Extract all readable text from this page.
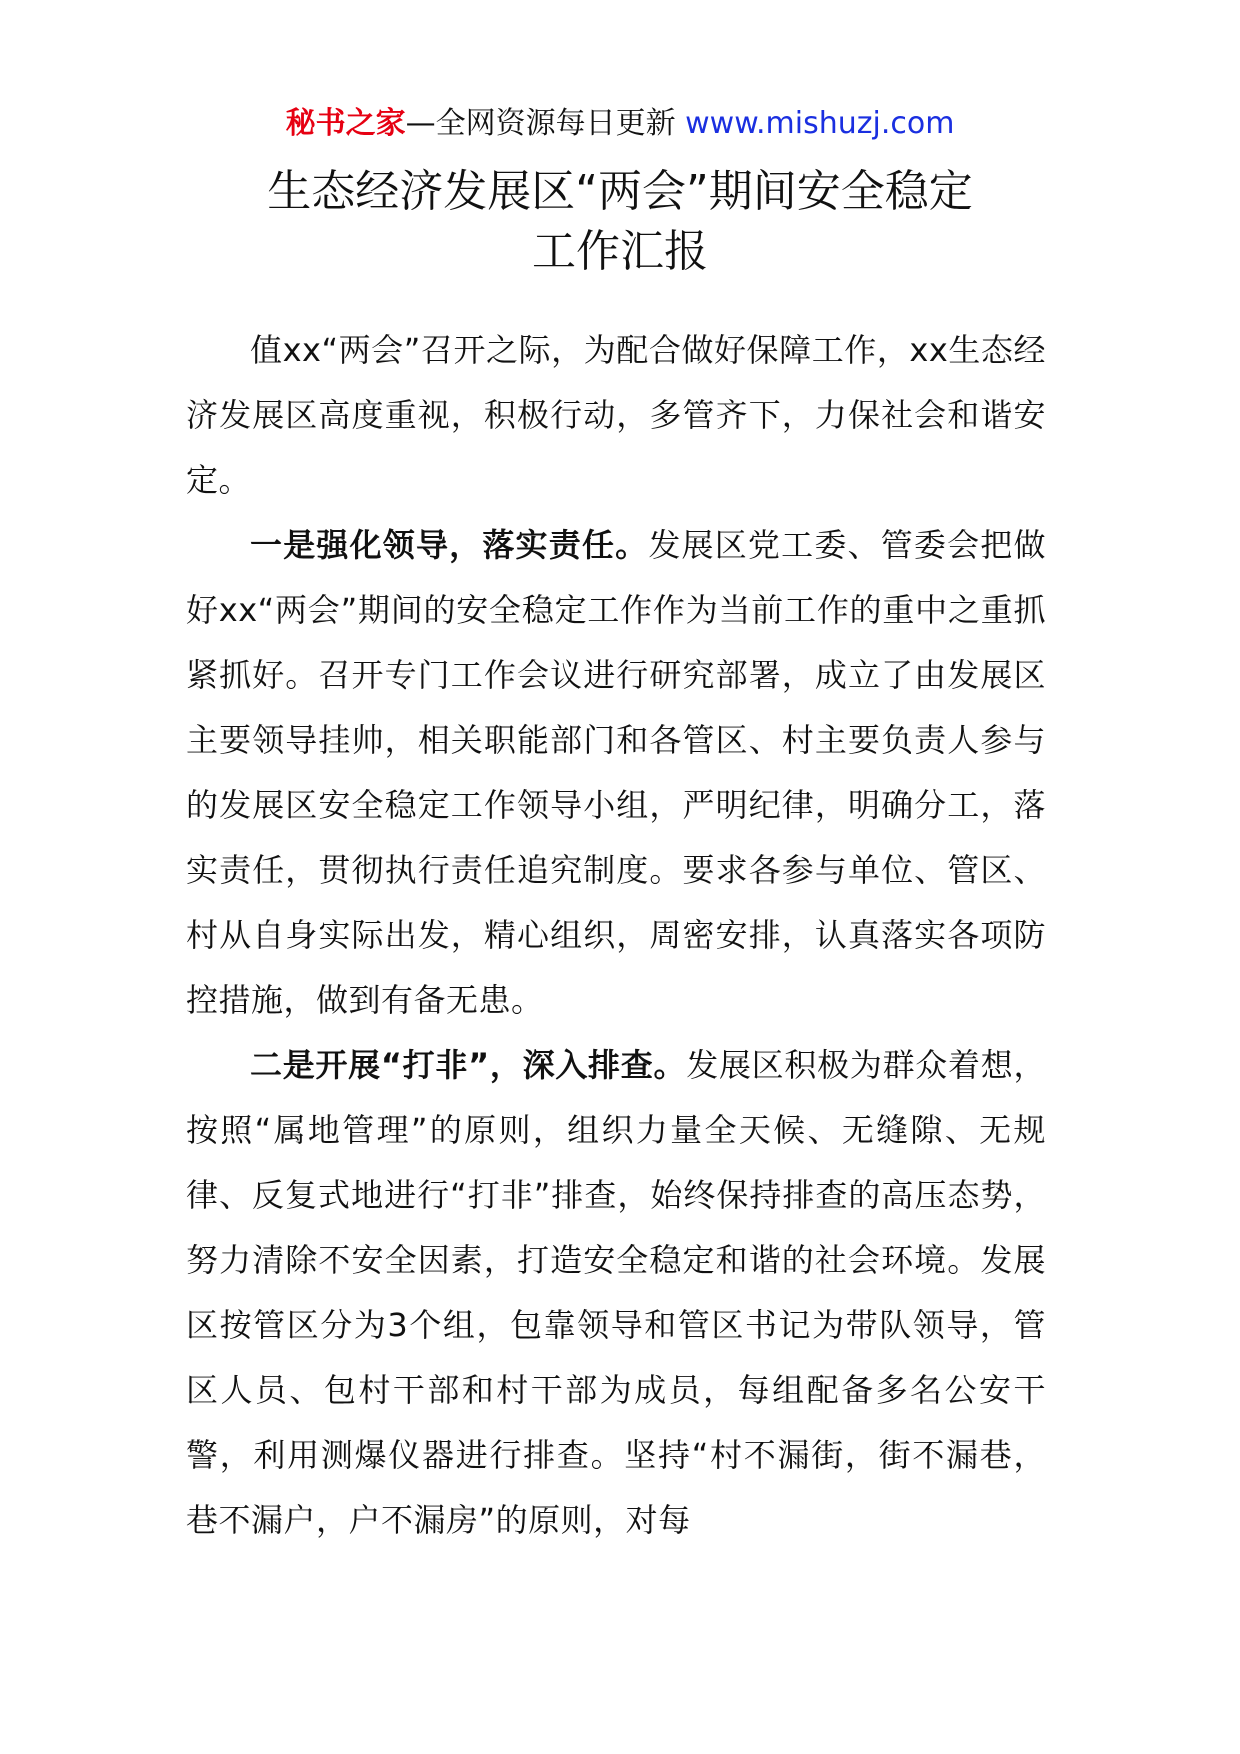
秘书之家—全网资源每日更新 www.mishuzj.com
生态经济发展区“两会”期间安全稳定
工作汇报

值xx“两会”召开之际，为配合做好保障工作，xx生态经济发展区高度重视，积极行动，多管齐下，力保社会和谐安定。

一是强化领导，落实责任。发展区党工委、管委会把做好xx“两会”期间的安全稳定工作作为当前工作的重中之重抓紧抓好。召开专门工作会议进行研究部署，成立了由发展区主要领导挂帅，相关职能部门和各管区、村主要负责人参与的发展区安全稳定工作领导小组，严明纪律，明确分工，落实责任，贯彻执行责任追究制度。要求各参与单位、管区、村从自身实际出发，精心组织，周密安排，认真落实各项防控措施，做到有备无患。

二是开展“打非”，深入排查。发展区积极为群众着想，按照“属地管理”的原则，组织力量全天候、无缝隙、无规律、反复式地进行“打非”排查，始终保持排查的高压态势，努力清除不安全因素，打造安全稳定和谐的社会环境。发展区按管区分为3个组，包靠领导和管区书记为带队领导，管区人员、包村干部和村干部为成员，每组配备多名公安干警，利用测爆仪器进行排查。坚持“村不漏街，街不漏巷，巷不漏户，户不漏房”的原则，对每
